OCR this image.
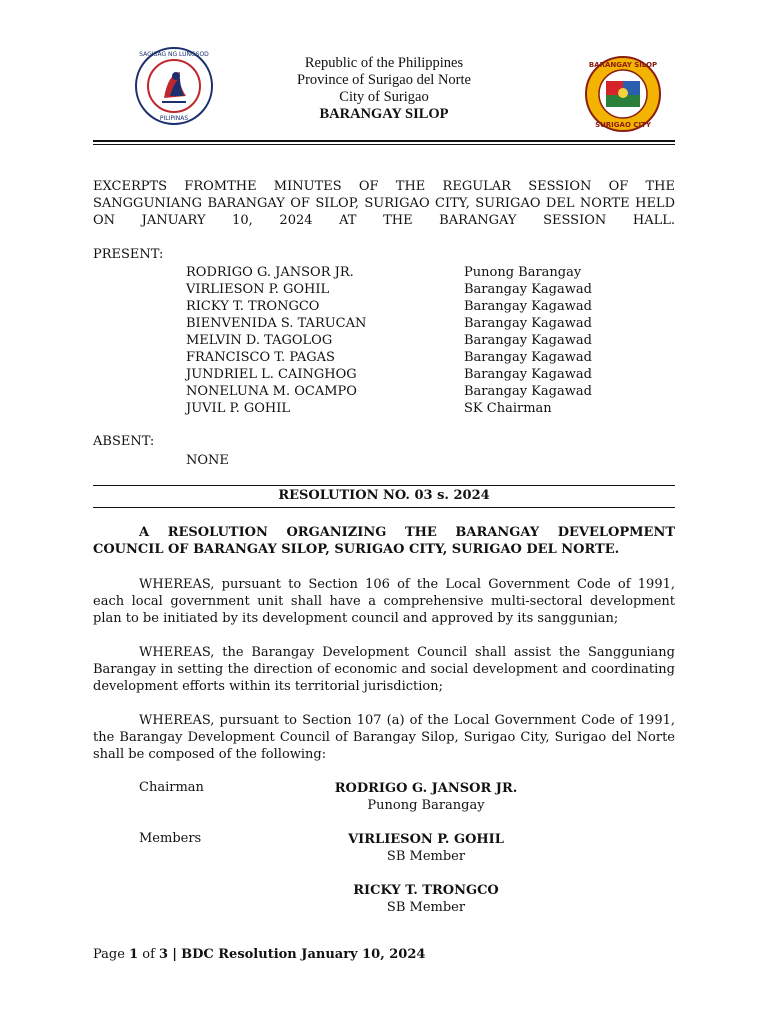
SAGISAG NG LUNGSOD
PILIPINAS
Republic of the Philippines
Province of Surigao del Norte
City of Surigao
BARANGAY SILOP
BARANGAY SILOP
SURIGAO CITY
EXCERPTS FROMTHE MINUTES OF THE REGULAR SESSION OF THE SANGGUNIANG BARANGAY OF SILOP, SURIGAO CITY, SURIGAO DEL NORTE HELD ON JANUARY 10, 2024 AT THE BARANGAY SESSION HALL.
PRESENT:
RODRIGO G. JANSOR JR.
VIRLIESON P. GOHIL
RICKY T. TRONGCO
BIENVENIDA S. TARUCAN
MELVIN D. TAGOLOG
FRANCISCO T. PAGAS
JUNDRIEL L. CAINGHOG
NONELUNA M. OCAMPO
JUVIL P. GOHIL
Punong Barangay
Barangay Kagawad
Barangay Kagawad
Barangay Kagawad
Barangay Kagawad
Barangay Kagawad
Barangay Kagawad
Barangay Kagawad
SK Chairman
ABSENT:
NONE
RESOLUTION NO. 03 s. 2024
A RESOLUTION ORGANIZING THE BARANGAY DEVELOPMENT COUNCIL OF BARANGAY SILOP, SURIGAO CITY, SURIGAO DEL NORTE.
WHEREAS, pursuant to Section 106 of the Local Government Code of 1991, each local government unit shall have a comprehensive multi-sectoral development plan to be initiated by its development council and approved by its sanggunian;
WHEREAS, the Barangay Development Council shall assist the Sangguniang Barangay in setting the direction of economic and social development and coordinating development efforts within its territorial jurisdiction;
WHEREAS, pursuant to Section 107 (a) of the Local Government Code of 1991, the Barangay Development Council of Barangay Silop, Surigao City, Surigao del Norte shall be composed of the following:
Chairman	RODRIGO G. JANSOR JR.
Punong Barangay
Members	VIRLIESON P. GOHIL
SB Member
RICKY T. TRONGCO
SB Member
Page 1 of 3 | BDC Resolution January 10, 2024
